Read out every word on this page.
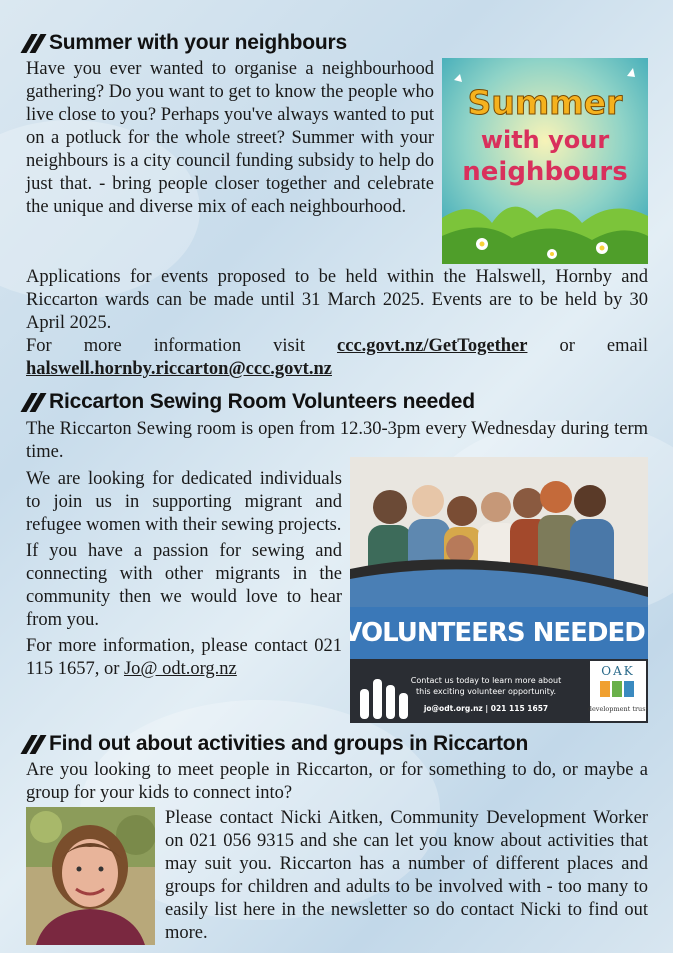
Summer with your neighbours
Summer
with your
neighbours

Have you ever wanted to organise a neighbourhood gathering? Do you want to get to know the people who live close to you? Perhaps you've always wanted to put on a potluck for the whole street? Summer with your neighbours is a city council funding subsidy to help do just that. - bring people closer together and celebrate the unique and diverse mix of each neighbourhood.

Applications for events proposed to be held within the Halswell, Hornby and Riccarton wards can be made until 31 March 2025. Events are to be held by 30 April 2025.

For more information visit ccc.govt.nz/GetTogether or email

halswell.hornby.riccarton@ccc.govt.nz

Riccarton Sewing Room Volunteers needed

The Riccarton Sewing room is open from 12.30-3pm every Wednesday during term time.

VOLUNTEERS NEEDED!
Contact us today to learn more about
this exciting volunteer opportunity.
jo@odt.org.nz | 021 115 1657
OAK
development trust

We are looking for dedicated individuals to join us in supporting migrant and refugee women with their sewing projects.

If you have a passion for sewing and connecting with other migrants in the community then we would love to hear from you.

For more information, please contact 021 115 1657, or Jo@ odt.org.nz

Find out about activities and groups in Riccarton

Are you looking to meet people in Riccarton, or for something to do, or maybe a group for your kids to connect into?

Please contact Nicki Aitken, Community Development Worker on 021 056 9315 and she can let you know about activities that may suit you. Riccarton has a number of different places and groups for children and adults to be involved with - too many to easily list here in the newsletter so do contact Nicki to find out more.
